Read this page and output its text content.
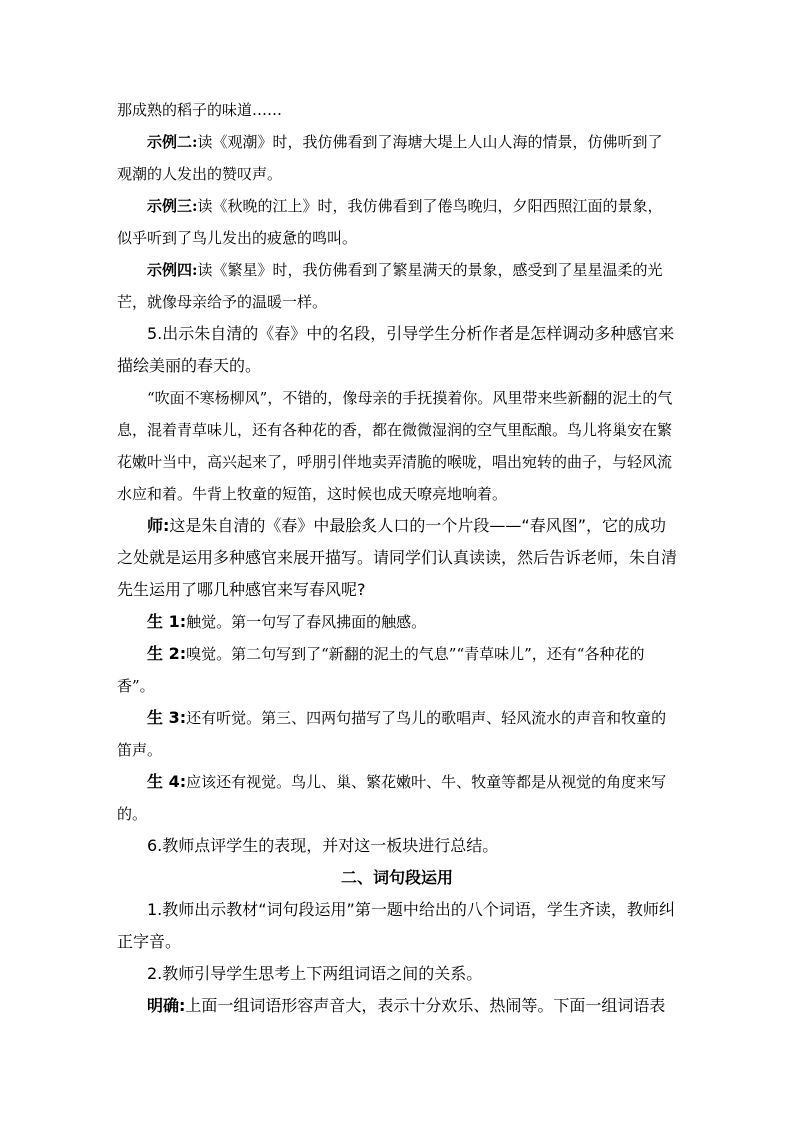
那成熟的稻子的味道……

示例二:读《观潮》时，我仿佛看到了海塘大堤上人山人海的情景，仿佛听到了观潮的人发出的赞叹声。

示例三:读《秋晚的江上》时，我仿佛看到了倦鸟晚归，夕阳西照江面的景象，似乎听到了鸟儿发出的疲惫的鸣叫。

示例四:读《繁星》时，我仿佛看到了繁星满天的景象，感受到了星星温柔的光芒，就像母亲给予的温暖一样。

5.出示朱自清的《春》中的名段，引导学生分析作者是怎样调动多种感官来描绘美丽的春天的。

“吹面不寒杨柳风”，不错的，像母亲的手抚摸着你。风里带来些新翻的泥土的气息，混着青草味儿，还有各种花的香，都在微微湿润的空气里酝酿。鸟儿将巢安在繁花嫩叶当中，高兴起来了，呼朋引伴地卖弄清脆的喉咙，唱出宛转的曲子，与轻风流水应和着。牛背上牧童的短笛，这时候也成天嘹亮地响着。

师:这是朱自清的《春》中最脍炙人口的一个片段——“春风图”，它的成功之处就是运用多种感官来展开描写。请同学们认真读读，然后告诉老师，朱自清先生运用了哪几种感官来写春风呢?

生 1:触觉。第一句写了春风拂面的触感。

生 2:嗅觉。第二句写到了“新翻的泥土的气息”“青草味儿”，还有“各种花的香”。

生 3:还有听觉。第三、四两句描写了鸟儿的歌唱声、轻风流水的声音和牧童的笛声。

生 4:应该还有视觉。鸟儿、巢、繁花嫩叶、牛、牧童等都是从视觉的角度来写的。

6.教师点评学生的表现，并对这一板块进行总结。

二、词句段运用

1.教师出示教材“词句段运用”第一题中给出的八个词语，学生齐读，教师纠正字音。

2.教师引导学生思考上下两组词语之间的关系。

明确:上面一组词语形容声音大，表示十分欢乐、热闹等。下面一组词语表
